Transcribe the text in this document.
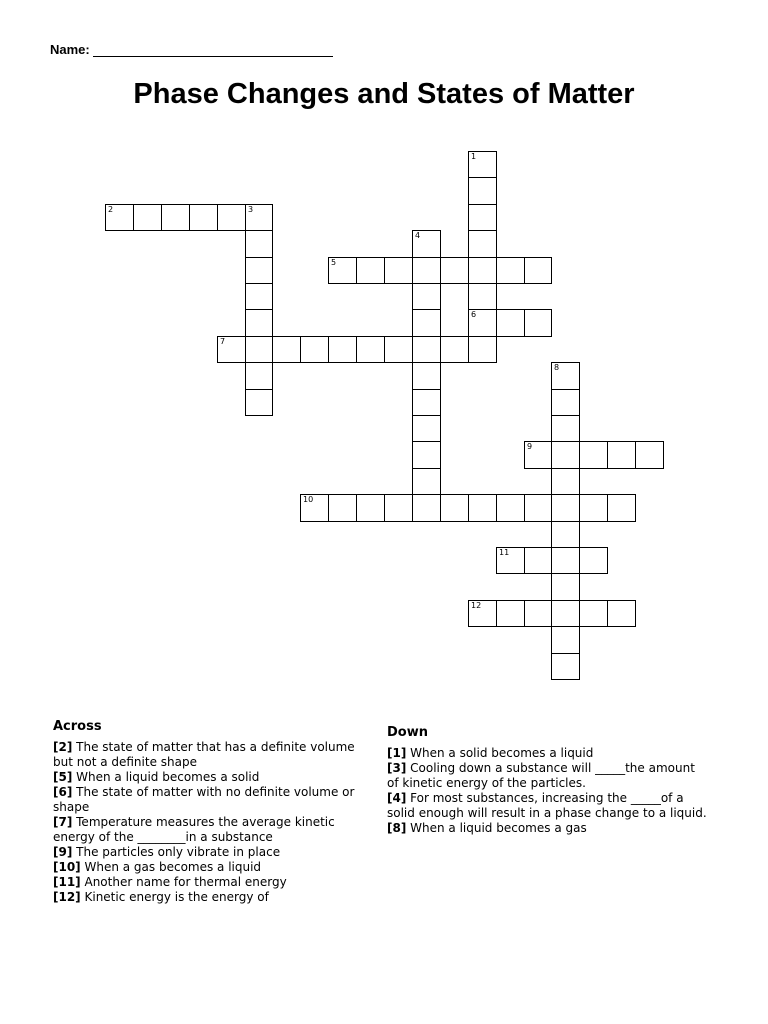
Name:
Phase Changes and States of Matter
1
6
2	3
4
5
7
8
9
10
11
12
Across

[2] The state of matter that has a definite volume but not a definite shape

[5] When a liquid becomes a solid

[6] The state of matter with no definite volume or shape

[7] Temperature measures the average kinetic energy of the ________in a substance

[9] The particles only vibrate in place

[10] When a gas becomes a liquid

[11] Another name for thermal energy

[12] Kinetic energy is the energy of

Down

[1] When a solid becomes a liquid

[3] Cooling down a substance will _____the amount of kinetic energy of the particles.

[4] For most substances, increasing the _____of a solid enough will result in a phase change to a liquid.

[8] When a liquid becomes a gas
